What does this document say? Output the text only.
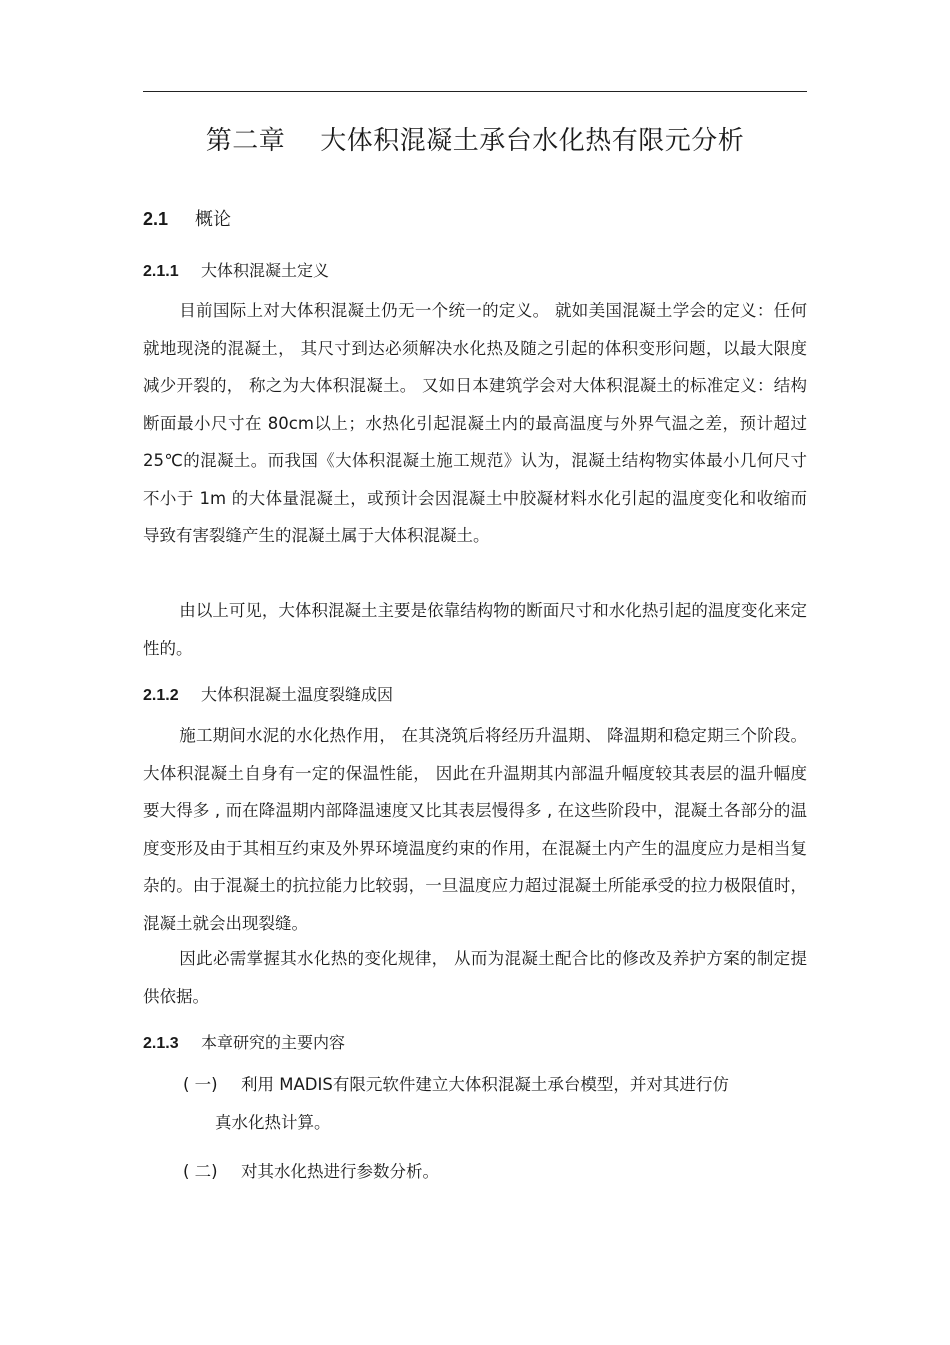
第二章    大体积混凝土承台水化热有限元分析
2.1 概论
2.1.1 大体积混凝土定义

目前国际上对大体积混凝土仍无一个统一的定义。 就如美国混凝土学会的定义：任何就地现浇的混凝土， 其尺寸到达必须解决水化热及随之引起的体积变形问题，以最大限度减少开裂的， 称之为大体积混凝土。 又如日本建筑学会对大体积混凝土的标准定义：结构断面最小尺寸在 80cm以上；水热化引起混凝土内的最高温度与外界气温之差，预计超过 25℃的混凝土。而我国《大体积混凝土施工规范》认为，混凝土结构物实体最小几何尺寸不小于 1m 的大体量混凝土，或预计会因混凝土中胶凝材料水化引起的温度变化和收缩而导致有害裂缝产生的混凝土属于大体积混凝土。

由以上可见，大体积混凝土主要是依靠结构物的断面尺寸和水化热引起的温度变化来定性的。

2.1.2 大体积混凝土温度裂缝成因

施工期间水泥的水化热作用， 在其浇筑后将经历升温期、 降温期和稳定期三个阶段。大体积混凝土自身有一定的保温性能， 因此在升温期其内部温升幅度较其表层的温升幅度要大得多 , 而在降温期内部降温速度又比其表层慢得多 , 在这些阶段中，混凝土各部分的温度变形及由于其相互约束及外界环境温度约束的作用，在混凝土内产生的温度应力是相当复杂的。由于混凝土的抗拉能力比较弱，一旦温度应力超过混凝土所能承受的拉力极限值时，混凝土就会出现裂缝。

因此必需掌握其水化热的变化规律， 从而为混凝土配合比的修改及养护方案的制定提供依据。

2.1.3 本章研究的主要内容
( 一) 利用 MADIS有限元软件建立大体积混凝土承台模型，并对其进行仿
真水化热计算。
( 二) 对其水化热进行参数分析。
